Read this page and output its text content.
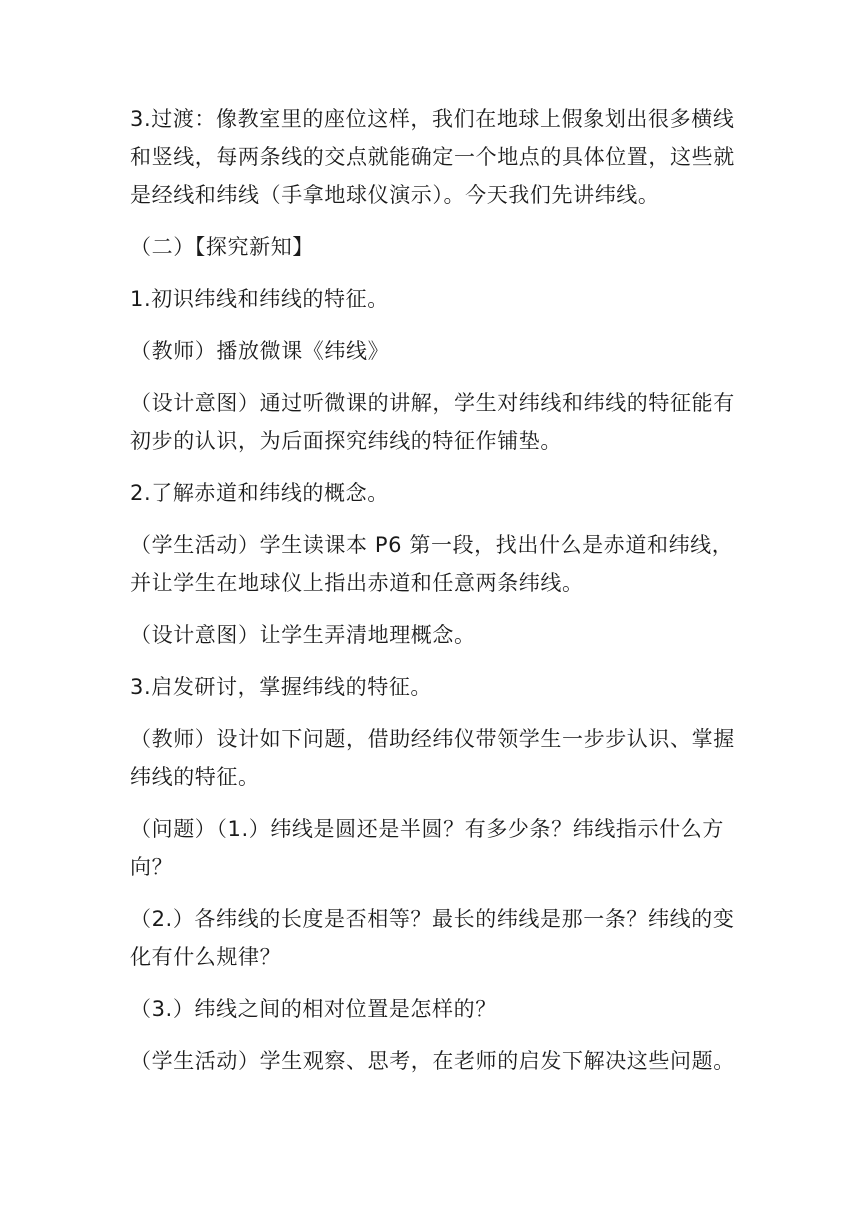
3.过渡：像教室里的座位这样，我们在地球上假象划出很多横线和竖线，每两条线的交点就能确定一个地点的具体位置，这些就是经线和纬线（手拿地球仪演示）。今天我们先讲纬线。

（二）【探究新知】

1.初识纬线和纬线的特征。

（教师）播放微课《纬线》

（设计意图）通过听微课的讲解，学生对纬线和纬线的特征能有初步的认识，为后面探究纬线的特征作铺垫。

2.了解赤道和纬线的概念。

（学生活动）学生读课本 P6 第一段，找出什么是赤道和纬线，并让学生在地球仪上指出赤道和任意两条纬线。

（设计意图）让学生弄清地理概念。

3.启发研讨，掌握纬线的特征。

（教师）设计如下问题，借助经纬仪带领学生一步步认识、掌握纬线的特征。

（问题）（1.）纬线是圆还是半圆？有多少条？纬线指示什么方向？

（2.）各纬线的长度是否相等？最长的纬线是那一条？纬线的变化有什么规律？

（3.）纬线之间的相对位置是怎样的？

（学生活动）学生观察、思考，在老师的启发下解决这些问题。
